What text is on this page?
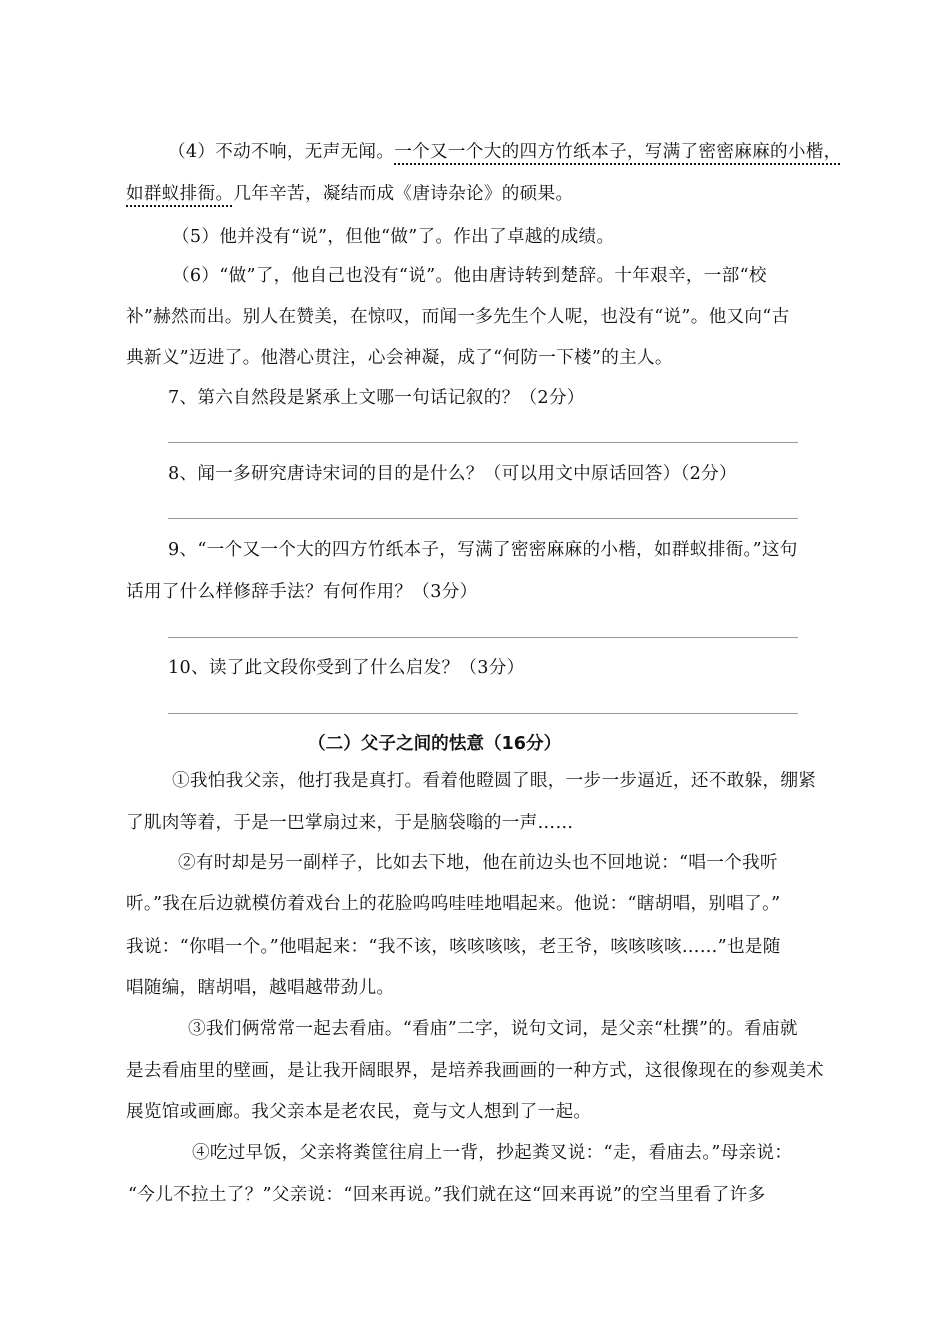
（4）不动不响，无声无闻。一个又一个大的四方竹纸本子，写满了密密麻麻的小楷，
如群蚁排衙。几年辛苦，凝结而成《唐诗杂论》的硕果。
（5）他并没有“说”，但他“做”了。作出了卓越的成绩。
（6）“做”了，他自己也没有“说”。他由唐诗转到楚辞。十年艰辛，一部“校
补”赫然而出。别人在赞美，在惊叹，而闻一多先生个人呢，也没有“说”。他又向“古
典新义”迈进了。他潜心贯注，心会神凝，成了“何防一下楼”的主人。
7、第六自然段是紧承上文哪一句话记叙的？（2分）
8、闻一多研究唐诗宋词的目的是什么？（可以用文中原话回答）（2分）
9、“一个又一个大的四方竹纸本子，写满了密密麻麻的小楷，如群蚁排衙。”这句
话用了什么样修辞手法？有何作用？（3分）
10、读了此文段你受到了什么启发？（3分）
（二）父子之间的怯意（16分）
①我怕我父亲，他打我是真打。看着他瞪圆了眼，一步一步逼近，还不敢躲，绷紧
了肌肉等着，于是一巴掌扇过来，于是脑袋嗡的一声……
②有时却是另一副样子，比如去下地，他在前边头也不回地说：“唱一个我听
听。”我在后边就模仿着戏台上的花脸呜呜哇哇地唱起来。他说：“瞎胡唱，别唱了。”
我说：“你唱一个。”他唱起来：“我不该，咳咳咳咳，老王爷，咳咳咳咳……”也是随
唱随编，瞎胡唱，越唱越带劲儿。
③我们俩常常一起去看庙。“看庙”二字，说句文词，是父亲“杜撰”的。看庙就
是去看庙里的壁画，是让我开阔眼界，是培养我画画的一种方式，这很像现在的参观美术
展览馆或画廊。我父亲本是老农民，竟与文人想到了一起。
④吃过早饭，父亲将粪筐往肩上一背，抄起粪叉说：“走，看庙去。”母亲说：
“今儿不拉土了？”父亲说：“回来再说。”我们就在这“回来再说”的空当里看了许多
